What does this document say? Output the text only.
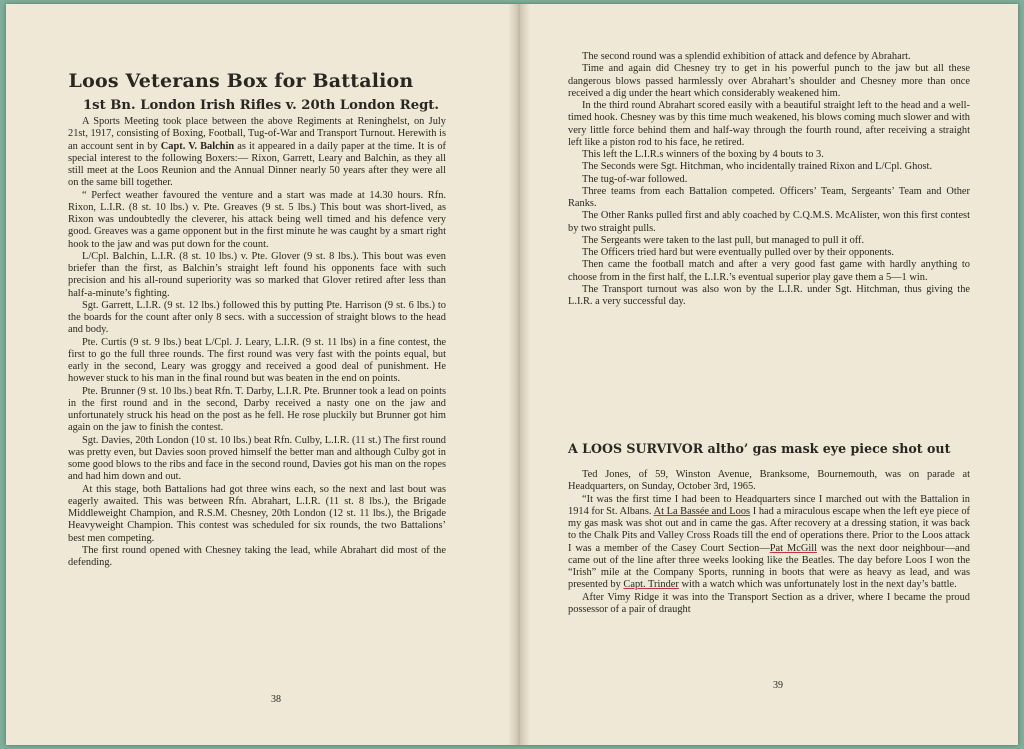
Loos Veterans Box for Battalion
1st Bn. London Irish Rifles v. 20th London Regt.

A Sports Meeting took place between the above Regiments at Reninghelst, on July 21st, 1917, consisting of Boxing, Football, Tug-of-War and Transport Turnout. Herewith is an account sent in by Capt. V. Balchin as it appeared in a daily paper at the time. It is of special interest to the following Boxers:— Rixon, Garrett, Leary and Balchin, as they all still meet at the Loos Reunion and the Annual Dinner nearly 50 years after they were all on the same bill together.

“ Perfect weather favoured the venture and a start was made at 14.30 hours. Rfn. Rixon, L.I.R. (8 st. 10 lbs.) v. Pte. Greaves (9 st. 5 lbs.) This bout was short-lived, as Rixon was undoubtedly the cleverer, his attack being well timed and his defence very good. Greaves was a game opponent but in the first minute he was caught by a smart right hook to the jaw and was put down for the count.

L/Cpl. Balchin, L.I.R. (8 st. 10 lbs.) v. Pte. Glover (9 st. 8 lbs.). This bout was even briefer than the first, as Balchin’s straight left found his opponents face with such precision and his all-round superiority was so marked that Glover retired after less than half-a-minute’s fighting.

Sgt. Garrett, L.I.R. (9 st. 12 lbs.) followed this by putting Pte. Harrison (9 st. 6 lbs.) to the boards for the count after only 8 secs. with a succession of straight blows to the head and body.

Pte. Curtis (9 st. 9 lbs.) beat L/Cpl. J. Leary, L.I.R. (9 st. 11 lbs) in a fine contest, the first to go the full three rounds. The first round was very fast with the points equal, but early in the second, Leary was groggy and received a good deal of punishment. He however stuck to his man in the final round but was beaten in the end on points.

Pte. Brunner (9 st. 10 lbs.) beat Rfn. T. Darby, L.I.R. Pte. Brunner took a lead on points in the first round and in the second, Darby received a nasty one on the jaw and unfortunately struck his head on the post as he fell. He rose pluckily but Brunner got him again on the jaw to finish the contest.

Sgt. Davies, 20th London (10 st. 10 lbs.) beat Rfn. Culby, L.I.R. (11 st.) The first round was pretty even, but Davies soon proved himself the better man and although Culby got in some good blows to the ribs and face in the second round, Davies got his man on the ropes and had him down and out.

At this stage, both Battalions had got three wins each, so the next and last bout was eagerly awaited. This was between Rfn. Abrahart, L.I.R. (11 st. 8 lbs.), the Brigade Middleweight Champion, and R.S.M. Chesney, 20th London (12 st. 11 lbs.), the Brigade Heavyweight Champion. This contest was scheduled for six rounds, the two Battalions’ best men competing.

The first round opened with Chesney taking the lead, while Abrahart did most of the defending.

38

The second round was a splendid exhibition of attack and defence by Abrahart.

Time and again did Chesney try to get in his powerful punch to the jaw but all these dangerous blows passed harmlessly over Abrahart’s shoulder and Chesney more than once received a dig under the heart which considerably weakened him.

In the third round Abrahart scored easily with a beautiful straight left to the head and a well-timed hook. Chesney was by this time much weakened, his blows coming much slower and with very little force behind them and half-way through the fourth round, after receiving a straight left like a piston rod to his face, he retired.

This left the L.I.R.s winners of the boxing by 4 bouts to 3.

The Seconds were Sgt. Hitchman, who incidentally trained Rixon and L/Cpl. Ghost.

The tug-of-war followed.

Three teams from each Battalion competed. Officers’ Team, Sergeants’ Team and Other Ranks.

The Other Ranks pulled first and ably coached by C.Q.M.S. McAlister, won this first contest by two straight pulls.

The Sergeants were taken to the last pull, but managed to pull it off.

The Officers tried hard but were eventually pulled over by their opponents.

Then came the football match and after a very good fast game with hardly anything to choose from in the first half, the L.I.R.’s eventual superior play gave them a 5—1 win.

The Transport turnout was also won by the L.I.R. under Sgt. Hitchman, thus giving the L.I.R. a very successful day.

A LOOS SURVIVOR altho’ gas mask eye piece shot out

Ted Jones, of 59, Winston Avenue, Branksome, Bournemouth, was on parade at Headquarters, on Sunday, October 3rd, 1965.

“It was the first time I had been to Headquarters since I marched out with the Battalion in 1914 for St. Albans. At La Bassée and Loos I had a miraculous escape when the left eye piece of my gas mask was shot out and in came the gas. After recovery at a dressing station, it was back to the Chalk Pits and Valley Cross Roads till the end of operations there. Prior to the Loos attack I was a member of the Casey Court Section—Pat McGill was the next door neighbour—and came out of the line after three weeks looking like the Beatles. The day before Loos I won the “Irish” mile at the Company Sports, running in boots that were as heavy as lead, and was presented by Capt. Trinder with a watch which was unfortunately lost in the next day’s battle.

After Vimy Ridge it was into the Transport Section as a driver, where I became the proud possessor of a pair of draught

39
